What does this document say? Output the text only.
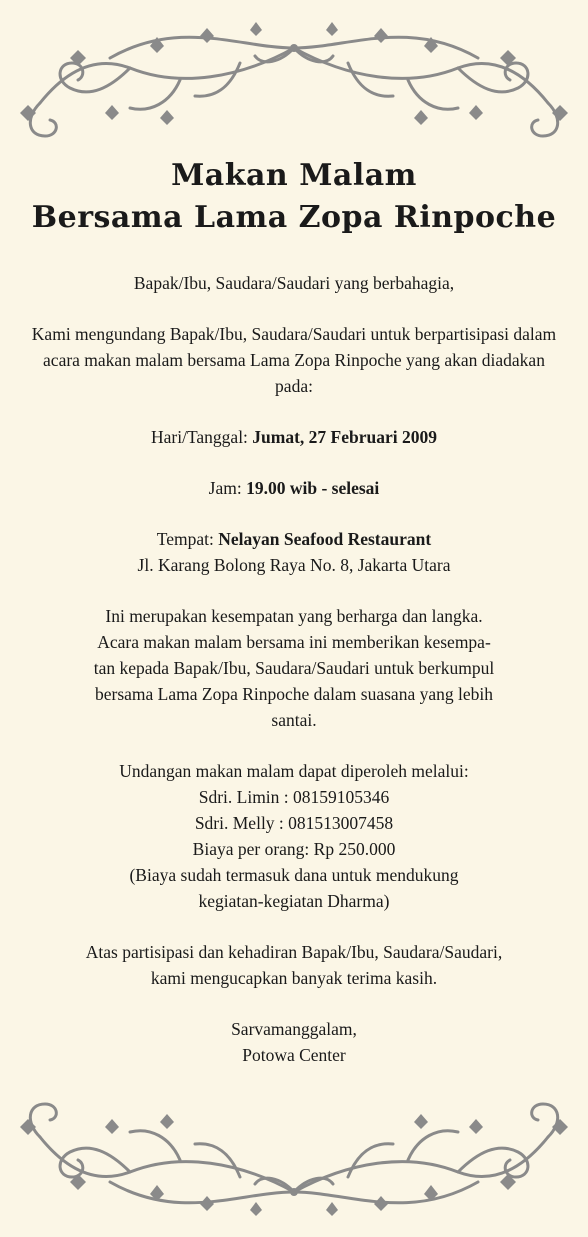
Makan Malam
Bersama Lama Zopa Rinpoche

Bapak/Ibu, Saudara/Saudari yang berbahagia,

Kami mengundang Bapak/Ibu, Saudara/Saudari untuk berpartisipasi dalam acara makan malam bersama Lama Zopa Rinpoche yang akan diadakan pada:

Hari/Tanggal: Jumat, 27 Februari 2009

Jam: 19.00 wib - selesai

Tempat: Nelayan Seafood Restaurant
Jl. Karang Bolong Raya No. 8, Jakarta Utara

Ini merupakan kesempatan yang berharga dan langka.
Acara makan malam bersama ini memberikan kesempa-
tan kepada Bapak/Ibu, Saudara/Saudari untuk berkumpul
bersama Lama Zopa Rinpoche dalam suasana yang lebih
santai.

Undangan makan malam dapat diperoleh melalui:
Sdri. Limin : 08159105346
Sdri. Melly : 081513007458
Biaya per orang: Rp 250.000
(Biaya sudah termasuk dana untuk mendukung
kegiatan-kegiatan Dharma)

Atas partisipasi dan kehadiran Bapak/Ibu, Saudara/Saudari,
kami mengucapkan banyak terima kasih.

Sarvamanggalam,
Potowa Center
